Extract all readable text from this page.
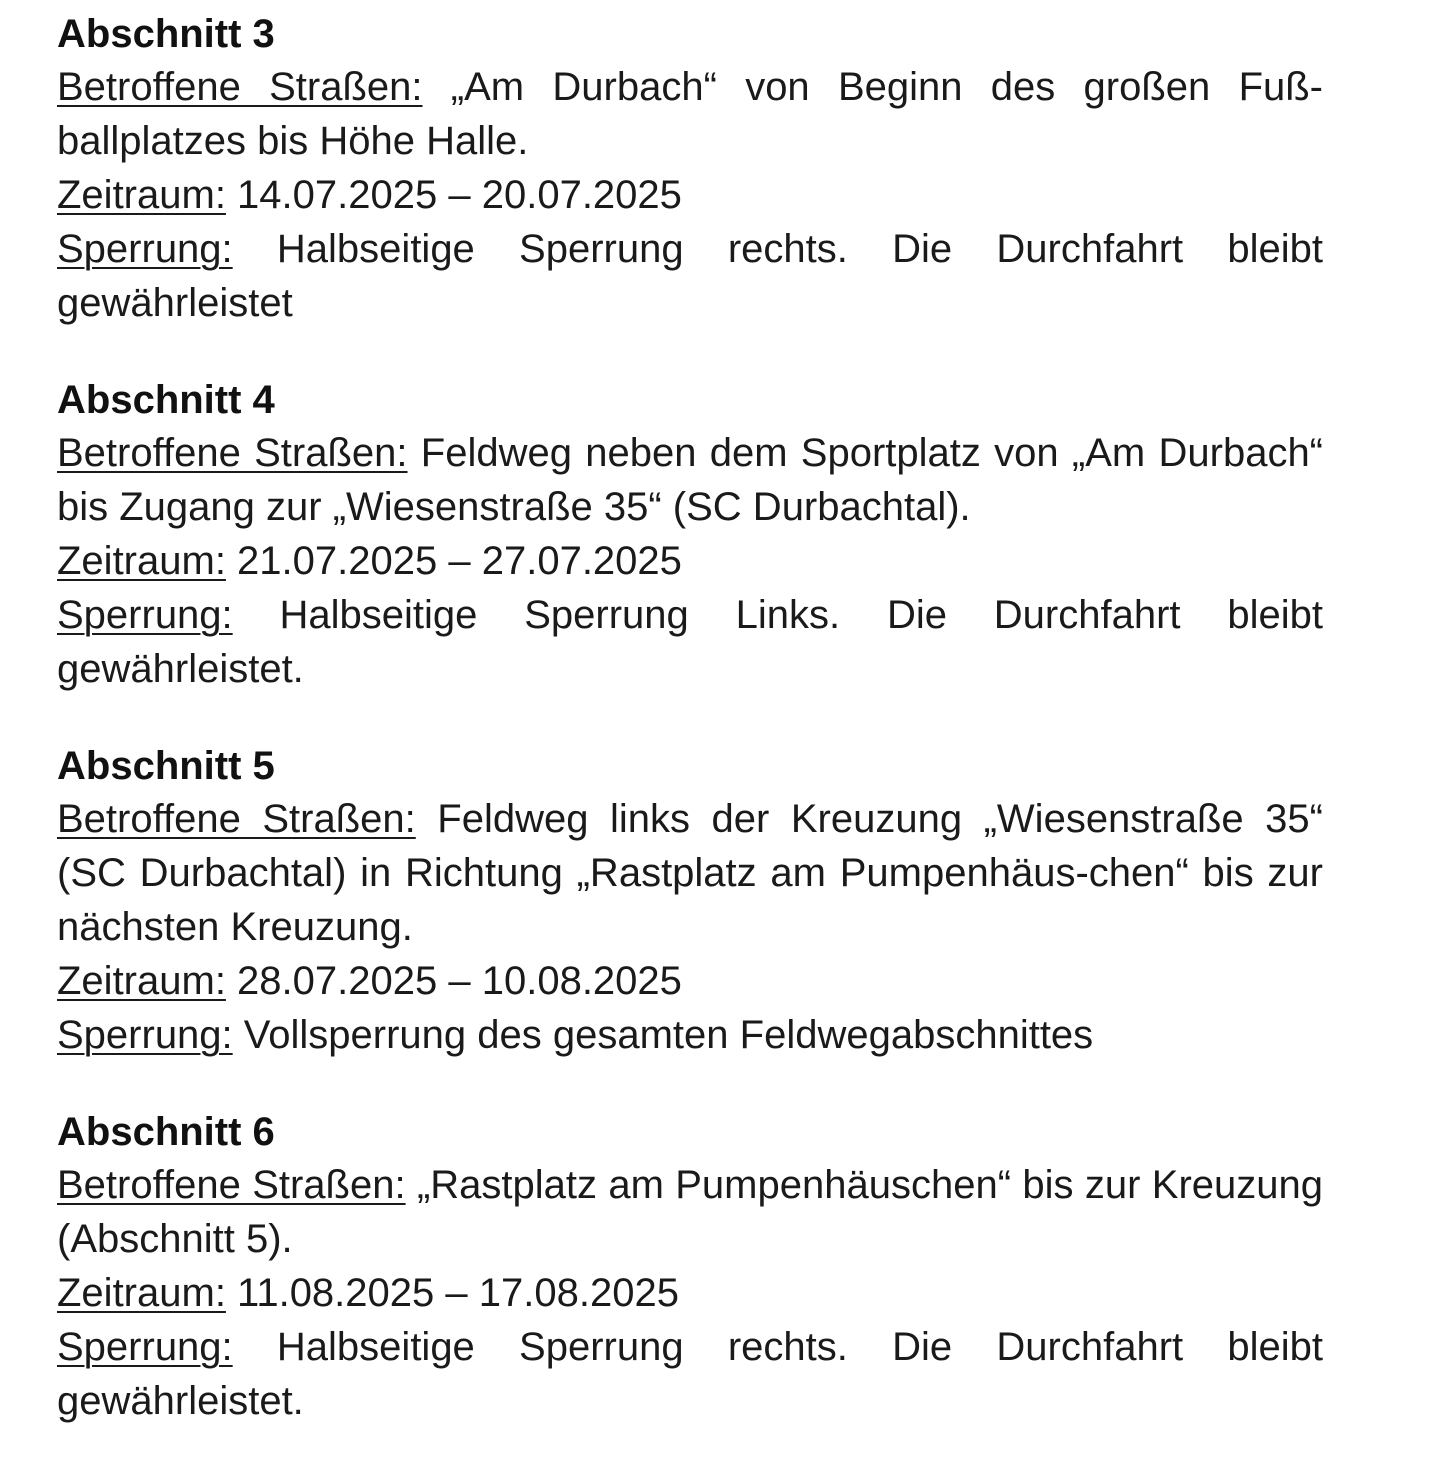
Abschnitt 3

Betroffene Straßen: „Am Durbach“ von Beginn des großen Fuß-ballplatzes bis Höhe Halle.

Zeitraum: 14.07.2025 – 20.07.2025

Sperrung: Halbseitige Sperrung rechts. Die Durchfahrt bleibt gewährleistet

Abschnitt 4

Betroffene Straßen: Feldweg neben dem Sportplatz von „Am Durbach“ bis Zugang zur „Wiesenstraße 35“ (SC Durbachtal).

Zeitraum: 21.07.2025 – 27.07.2025

Sperrung: Halbseitige Sperrung Links. Die Durchfahrt bleibt gewährleistet.

Abschnitt 5

Betroffene Straßen: Feldweg links der Kreuzung „Wiesenstraße 35“ (SC Durbachtal) in Richtung „Rastplatz am Pumpenhäus-chen“ bis zur nächsten Kreuzung.

Zeitraum: 28.07.2025 – 10.08.2025

Sperrung: Vollsperrung des gesamten Feldwegabschnittes

Abschnitt 6

Betroffene Straßen: „Rastplatz am Pumpenhäuschen“ bis zur Kreuzung (Abschnitt 5).

Zeitraum: 11.08.2025 – 17.08.2025

Sperrung: Halbseitige Sperrung rechts. Die Durchfahrt bleibt gewährleistet.
